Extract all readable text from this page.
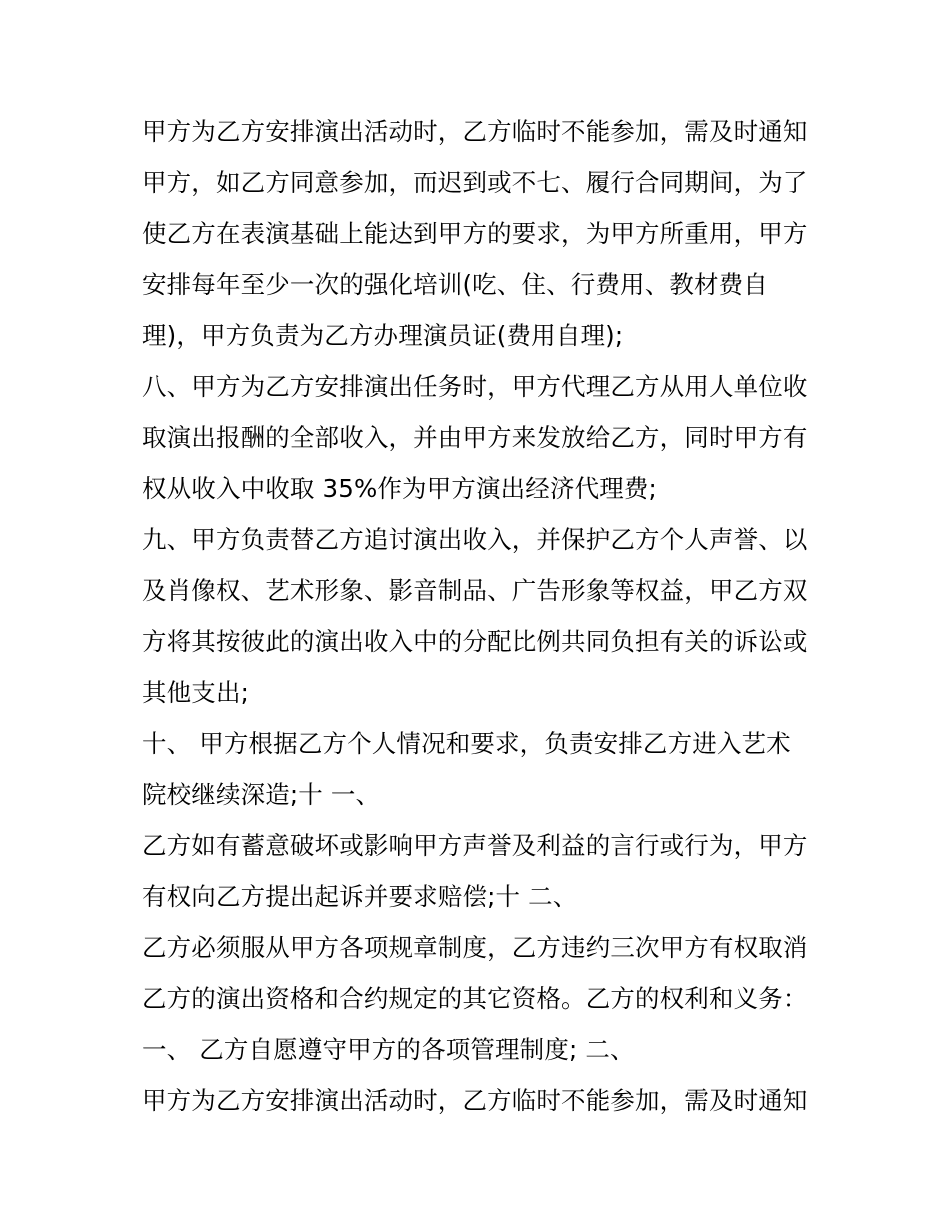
甲方为乙方安排演出活动时，乙方临时不能参加，需及时通知
甲方，如乙方同意参加，而迟到或不七、履行合同期间，为了
使乙方在表演基础上能达到甲方的要求，为甲方所重用，甲方
安排每年至少一次的强化培训(吃、住、行费用、教材费自
理)，甲方负责为乙方办理演员证(费用自理);
八、甲方为乙方安排演出任务时，甲方代理乙方从用人单位收
取演出报酬的全部收入，并由甲方来发放给乙方，同时甲方有
权从收入中收取 35%作为甲方演出经济代理费;
九、甲方负责替乙方追讨演出收入，并保护乙方个人声誉、以
及肖像权、艺术形象、影音制品、广告形象等权益，甲乙方双
方将其按彼此的演出收入中的分配比例共同负担有关的诉讼或
其他支出;
十、 甲方根据乙方个人情况和要求，负责安排乙方进入艺术
院校继续深造;十 一、
乙方如有蓄意破坏或影响甲方声誉及利益的言行或行为，甲方
有权向乙方提出起诉并要求赔偿;十 二、
乙方必须服从甲方各项规章制度，乙方违约三次甲方有权取消
乙方的演出资格和合约规定的其它资格。乙方的权利和义务：
一、 乙方自愿遵守甲方的各项管理制度; 二、
甲方为乙方安排演出活动时，乙方临时不能参加，需及时通知
